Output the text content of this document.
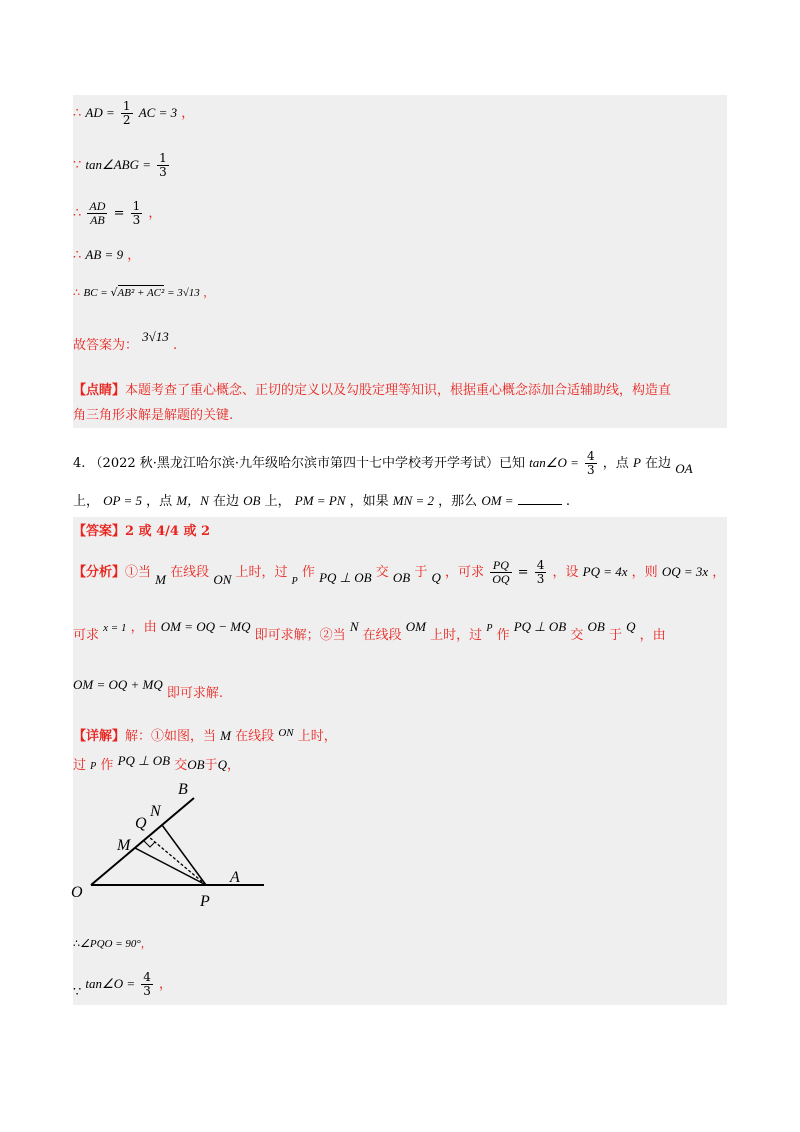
∴ AD = $\frac{1}{2}$ AC = 3 ，
∵ tan∠ABG = $\frac{1}{3}$
∴ $\frac{AD}{AB} = \frac{1}{3}$ ，
∴ AB = 9 ，
∴ BC = √AB² + AC² = 3√13 ，
故答案为： 3√13 .
【点睛】本题考查了重心概念、正切的定义以及勾股定理等知识，根据重心概念添加合适辅助线，构造直
角三角形求解是解题的关键.
4. （2022 秋·黑龙江哈尔滨·九年级哈尔滨市第四十七中学校考开学考试）已知 tan∠O = $\frac{4}{3}$ ，点 P 在边 OA
上， OP = 5 ，点 M，N 在边 OB 上， PM = PN ，如果 MN = 2 ，那么 OM =	.
【答案】2 或 4/4 或 2
【分析】①当 M 在线段 ON 上时，过 $_P$ 作 PQ ⊥ OB 交 OB 于 Q ，可求 $\frac{PQ}{OQ} = \frac{4}{3}$ ，设 PQ = 4x ，则 OQ = 3x ，
可求 x = 1 ，由 OM = OQ − MQ 即可求解；②当 N 在线段 OM 上时，过 P 作 PQ ⊥ OB 交 OB 于 Q ，由
OM = OQ + MQ 即可求解.
【详解】解：①如图，当 M 在线段 $^{ON}$ 上时，
过 P 作 PQ ⊥ OB 交OB于Q，
O
A
B
P
M
N
Q
∴∠PQO = 90°，
∵ tan∠O = $\frac{4}{3}$ ，
